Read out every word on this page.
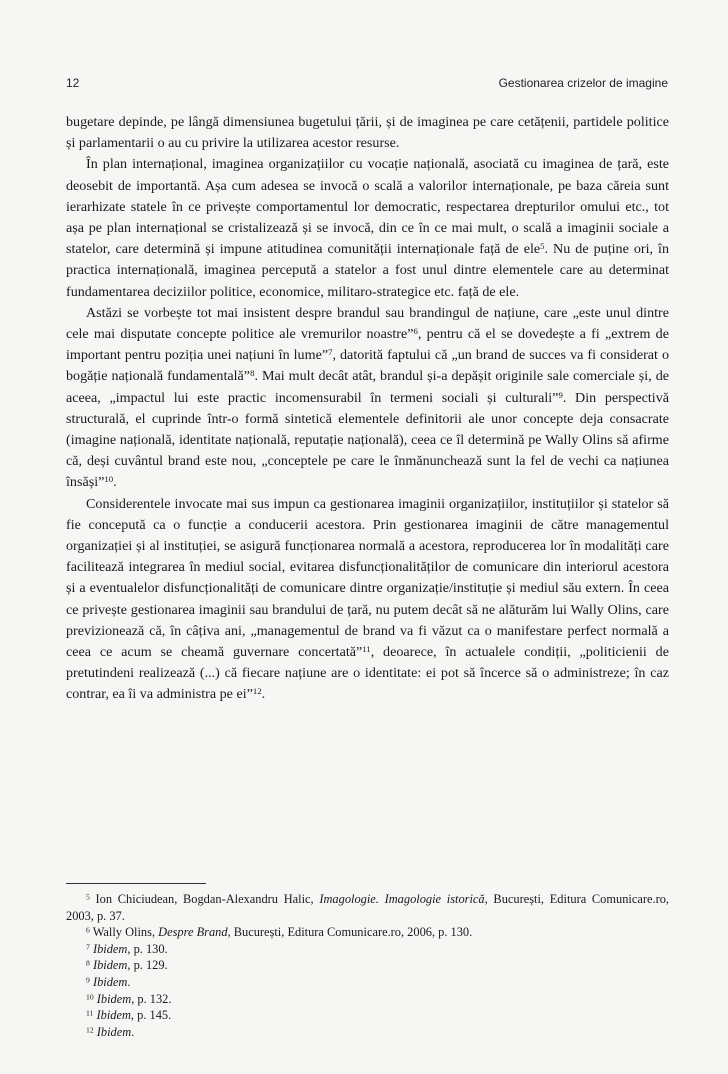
12	Gestionarea crizelor de imagine

bugetare depinde, pe lângă dimensiunea bugetului țării, și de imaginea pe care cetățenii, partidele politice și parlamentarii o au cu privire la utilizarea acestor resurse.

În plan internațional, imaginea organizațiilor cu vocație națională, asociată cu imaginea de țară, este deosebit de importantă. Așa cum adesea se invocă o scală a valorilor internaționale, pe baza căreia sunt ierarhizate statele în ce privește comportamentul lor democratic, respectarea drepturilor omului etc., tot așa pe plan internațional se cristalizează și se invocă, din ce în ce mai mult, o scală a imaginii sociale a statelor, care determină și impune atitudinea comunității internaționale față de ele$^5$. Nu de puține ori, în practica internațională, imaginea percepută a statelor a fost unul dintre elementele care au determinat fundamentarea deciziilor politice, economice, militaro-strategice etc. față de ele.

Astăzi se vorbește tot mai insistent despre brandul sau brandingul de națiune, care „este unul dintre cele mai disputate concepte politice ale vremurilor noastre”$^6$, pentru că el se dovedește a fi „extrem de important pentru poziția unei națiuni în lume”$^7$, datorită faptului că „un brand de succes va fi considerat o bogăție națională fundamentală”$^8$. Mai mult decât atât, brandul și-a depășit originile sale comerciale și, de aceea, „impactul lui este practic incomensurabil în termeni sociali și culturali”$^9$. Din perspectivă structurală, el cuprinde într-o formă sintetică elementele definitorii ale unor concepte deja consacrate (imagine națională, identitate națională, reputație națională), ceea ce îl determină pe Wally Olins să afirme că, deși cuvântul brand este nou, „conceptele pe care le înmănunchează sunt la fel de vechi ca națiunea însăși”$^{10}$.

Considerentele invocate mai sus impun ca gestionarea imaginii organizațiilor, instituțiilor și statelor să fie concepută ca o funcție a conducerii acestora. Prin gestionarea imaginii de către managementul organizației și al instituției, se asigură funcționarea normală a acestora, reproducerea lor în modalități care facilitează integrarea în mediul social, evitarea disfuncționalităților de comunicare din interiorul acestora și a eventualelor disfuncționalități de comunicare dintre organizație/instituție și mediul său extern. În ceea ce privește gestionarea imaginii sau brandului de țară, nu putem decât să ne alăturăm lui Wally Olins, care previzionează că, în câțiva ani, „managementul de brand va fi văzut ca o manifestare perfect normală a ceea ce acum se cheamă guvernare concertată”$^{11}$, deoarece, în actualele condiții, „politicienii de pretutindeni realizează (...) că fiecare națiune are o identitate: ei pot să încerce să o administreze; în caz contrar, ea îi va administra pe ei”$^{12}$.

$^5$ Ion Chiciudean, Bogdan-Alexandru Halic, Imagologie. Imagologie istorică, București, Editura Comunicare.ro, 2003, p. 37.

$^6$ Wally Olins, Despre Brand, București, Editura Comunicare.ro, 2006, p. 130.

$^7$ Ibidem, p. 130.

$^8$ Ibidem, p. 129.

$^9$ Ibidem.

$^{10}$ Ibidem, p. 132.

$^{11}$ Ibidem, p. 145.

$^{12}$ Ibidem.
